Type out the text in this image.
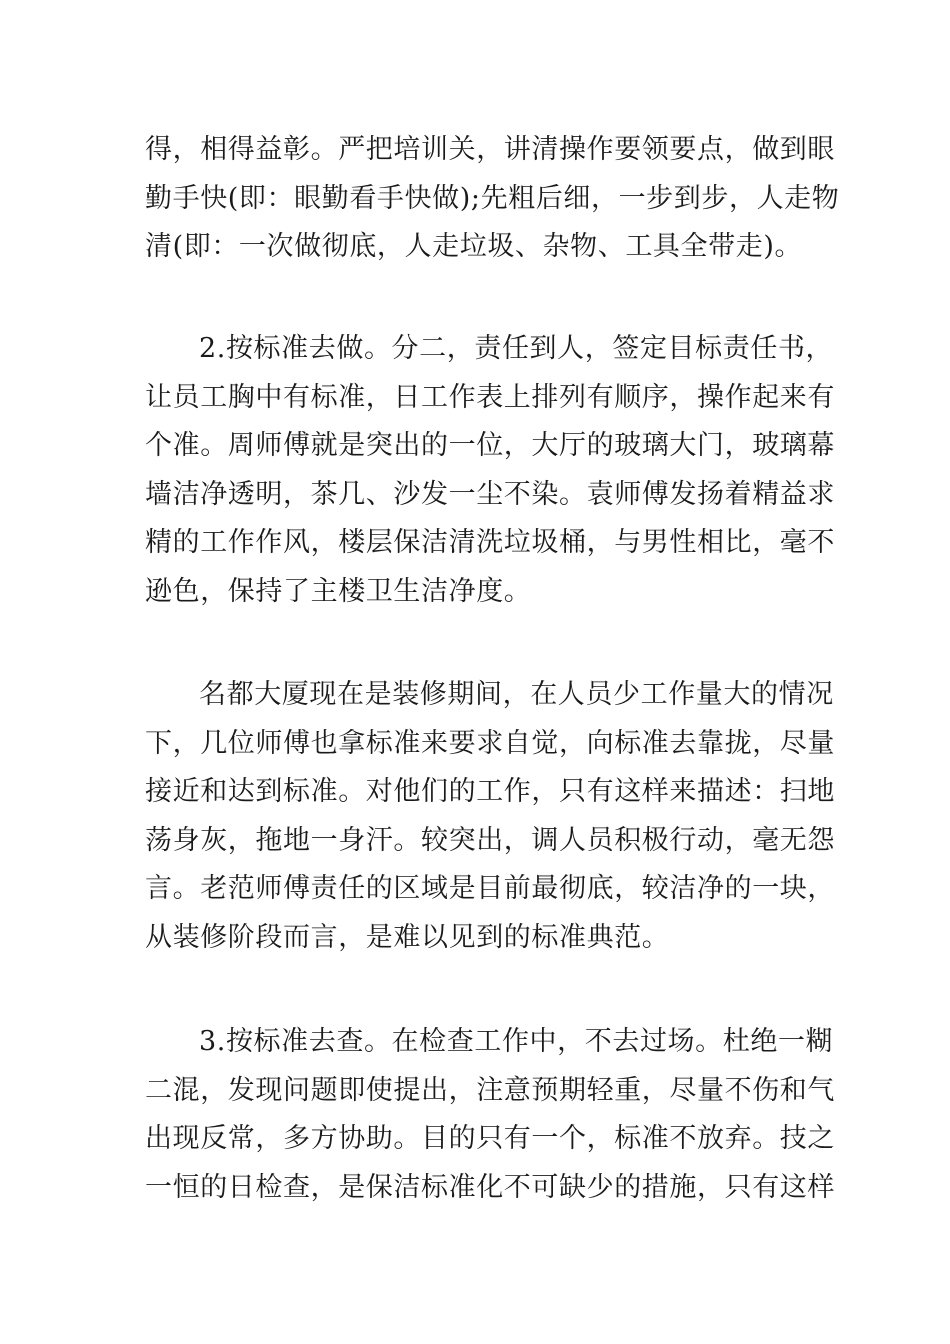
得，相得益彰。严把培训关，讲清操作要领要点，做到眼
勤手快(即：眼勤看手快做);先粗后细，一步到步，人走物
清(即：一次做彻底，人走垃圾、杂物、工具全带走)。

2.按标准去做。分二，责任到人，签定目标责任书，
让员工胸中有标准，日工作表上排列有顺序，操作起来有
个准。周师傅就是突出的一位，大厅的玻璃大门，玻璃幕
墙洁净透明，茶几、沙发一尘不染。袁师傅发扬着精益求
精的工作作风，楼层保洁清洗垃圾桶，与男性相比，毫不
逊色，保持了主楼卫生洁净度。

名都大厦现在是装修期间，在人员少工作量大的情况
下，几位师傅也拿标准来要求自觉，向标准去靠拢，尽量
接近和达到标准。对他们的工作，只有这样来描述：扫地
荡身灰，拖地一身汗。较突出，调人员积极行动，毫无怨
言。老范师傅责任的区域是目前最彻底，较洁净的一块，
从装修阶段而言，是难以见到的标准典范。

3.按标准去查。在检查工作中，不去过场。杜绝一糊
二混，发现问题即使提出，注意预期轻重，尽量不伤和气
出现反常，多方协助。目的只有一个，标准不放弃。技之
一恒的日检查，是保洁标准化不可缺少的措施，只有这样
